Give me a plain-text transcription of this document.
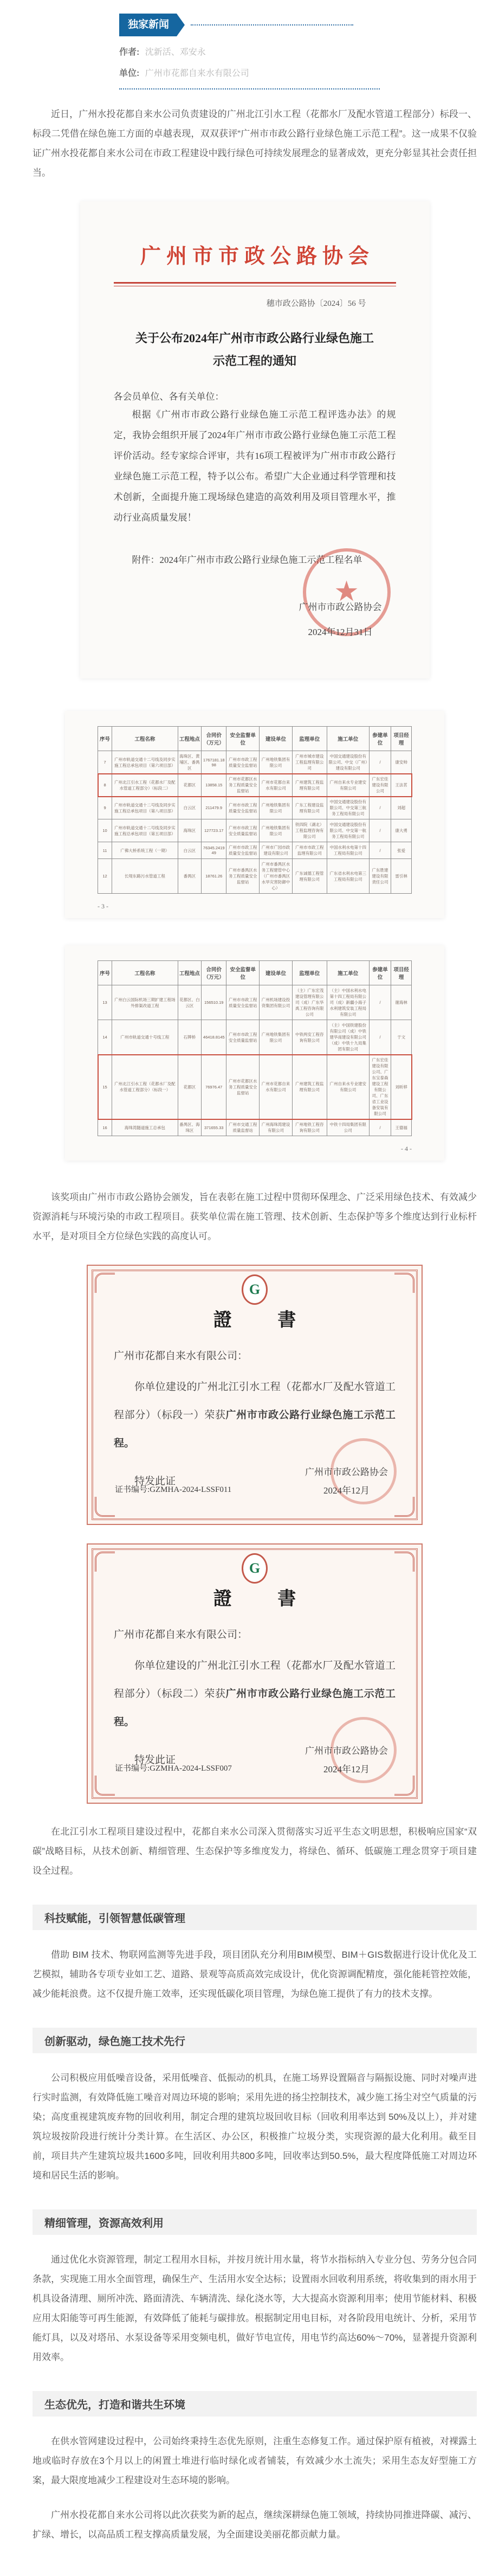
独家新闻
作者: 沈新活、邓安永
单位: 广州市花都自来水有限公司

近日，广州水投花都自来水公司负责建设的广州北江引水工程（花都水厂及配水管道工程部分）标段一、标段二凭借在绿色施工方面的卓越表现，双双获评“广州市市政公路行业绿色施工示范工程”。这一成果不仅验证广州水投花都自来水公司在市政工程建设中践行绿色可持续发展理念的显著成效，更充分彰显其社会责任担当。

广州市市政公路协会
穗市政公路协〔2024〕56 号
关于公布2024年广州市市政公路行业绿色施工示范工程的通知
各会员单位、各有关单位：

根据《广州市市政公路行业绿色施工示范工程评选办法》的规定，我协会组织开展了2024年广州市市政公路行业绿色施工示范工程评价活动。经专家综合评审，共有16项工程被评为广州市市政公路行业绿色施工示范工程，特予以公布。希望广大企业通过科学管理和技术创新，全面提升施工现场绿色建造的高效利用及项目管理水平，推动行业高质量发展！

附件：2024年广州市市政公路行业绿色施工示范工程名单
★
广州市市政公路协会
2024年12月31日
序号	工程名称	工程地点	合同价（万元）	安全监督单位	建设单位	监理单位	施工单位	参建单位	项目经理
7	广州市轨道交通十二号线及同步实施工程总承包项目（第六项目部）	海珠区、黄埔区、番禺区	1767181.1898	广州市市政工程质量安全监督站	广州地铁集团有限公司	广州市城市建设工程监理有限公司	中国交通建设股份有限公司、中交（广州）建设有限公司	/	康安帅
8	广州北江引水工程（花都水厂及配水管道工程部分）（标段二）	花都区	13858.15	广州市花都区水务工程质量安全监督站	广州市花都自来水有限公司	广州建筑工程监理有限公司	广州自来水专业建安有限公司	广东宏佳建设有限公司	王法茗
9	广州市轨道交通十二号线及同步实施工程总承包项目（第八项目部）	白云区	211479.9	广州市市政工程质量安全监督站	广州地铁集团有限公司	广东工程建设监理有限公司	中国交通建设股份有限公司、中交第三航务工程局有限公司	/	刘超
10	广州市轨道交通十二号线及同步实施工程总承包项目（第五项目部）	海珠区	127723.17	广州市市政工程安全质量监督站	广州地铁集团有限公司	铁四院（湖北）工程监理咨询有限公司	中国交通建设股份有限公司、中交第一航务工程局有限公司	/	康大勇
11	广佛大桥系统工程（一期）	白云区	76345.241949	广州市市政工程质量安全监督站	广州市广园市政建设有限公司	广州市市政工程监理有限公司	中国水利水电第十四工程局有限公司	/	张爱
12	长堤东路污水管道工程	番禺区	18761.26	广州市番禺区水务工程质量安全监督站	广州市番禺区水务工程建管中心（广州市番禺区水旱灾害防御中心）	广东诚德工程管理有限公司	广东省水利水电第三工程局有限公司	广东胜建建设有限责任公司	雷引林
- 3 -
序号	工程名称	工程地点	合同价（万元）	安全监督单位	建设单位	监理单位	施工单位	参建单位	项目经理
13	广州白云国际机场三期扩建工程场外排渠改道工程	花都区、白云区	156510.19	广州市市政工程质量安全监督站	广州机场建设投资集团有限公司	（主）广东宏茂建设管理有限公司（成）广东华禹工程咨询有限公司	（主）中国水利水电第十四工程局有限公司（成）新疆小海子水利建筑安装工程局有限公司	/	谢海林
14	广州市轨道交通十号线工程	石牌桥	46418.8145	广州市市政工程安全质量监督站	广州地铁集团有限公司	中铁两安工程咨询有限公司	（主）中国铁建股份有限公司（成）中铁建华南建设有限公司（成）中铁十九局集团有限公司	/	于文
15	广州北江引水工程（花都水厂及配水管道工程部分）（标段一）	花都区	76976.47	广州市花都区水务工程质量安全监督站	广州市花都自来水有限公司	广州建筑工程监理有限公司	广州自来水专业建安有限公司	广东宏佳建设有限公司、广东宝泰森建设工程有限公司、广东省工业设备安装有限公司	刘昕移
16	海珠湾隧道施工总承包	番禺区、海珠区	371655.33	广州市交通工程质量监督站	广州海珠湾建设有限公司	广州地铁工程咨询有限公司	中铁十四局集团有限公司	/	王德福
- 4 -

该奖项由广州市市政公路协会颁发，旨在表彰在施工过程中贯彻环保理念、广泛采用绿色技术、有效减少资源消耗与环境污染的市政工程项目。获奖单位需在施工管理、技术创新、生态保护等多个维度达到行业标杆水平，是对项目全方位绿色实践的高度认可。

G
證 書
广州市花都自来水有限公司：

你单位建设的广州北江引水工程（花都水厂及配水管道工程部分）（标段一）荣获广州市市政公路行业绿色施工示范工程。

特发此证
证书编号:GZMHA-2024-LSSF011
广州市市政公路协会
2024年12月
G
證 書
广州市花都自来水有限公司：

你单位建设的广州北江引水工程（花都水厂及配水管道工程部分）（标段二）荣获广州市市政公路行业绿色施工示范工程。

特发此证
证书编号:GZMHA-2024-LSSF007
广州市市政公路协会
2024年12月

在北江引水工程项目建设过程中，花都自来水公司深入贯彻落实习近平生态文明思想，积极响应国家“双碳”战略目标，从技术创新、精细管理、生态保护等多维度发力，将绿色、循环、低碳施工理念贯穿于项目建设全过程。

科技赋能，引领智慧低碳管理

借助 BIM 技术、物联网监测等先进手段，项目团队充分利用BIM模型、BIM＋GIS数据进行设计优化及工艺模拟，辅助各专项专业如工艺、道路、景观等高质高效完成设计，优化资源调配精度，强化能耗管控效能，减少能耗浪费。这不仅提升施工效率，还实现低碳化项目管理，为绿色施工提供了有力的技术支撑。

创新驱动，绿色施工技术先行

公司积极应用低噪音设备，采用低噪音、低振动的机具，在施工场界设置隔音与隔振设施、同时对噪声进行实时监测，有效降低施工噪音对周边环境的影响；采用先进的扬尘控制技术，减少施工扬尘对空气质量的污染；高度重视建筑废弃物的回收利用，制定合理的建筑垃圾回收目标（回收利用率达到 50%及以上），并对建筑垃圾按阶段进行统计分类计算。在生活区、办公区，积极推广垃圾分类，实现资源的最大化利用。截至目前，项目共产生建筑垃圾共1600多吨，回收利用共800多吨，回收率达到50.5%，最大程度降低施工对周边环境和居民生活的影响。

精细管理，资源高效利用

通过优化水资源管理，制定工程用水目标，并按月统计用水量，将节水指标纳入专业分包、劳务分包合同条款，实现施工用水全面管理，确保生产、生活用水安全达标；设置雨水回收利用系统，将收集到的雨水用于机具设备清理、厕所冲洗、路面清洗、车辆清洗、绿化浇水等，大大提高水资源利用率；使用节能材料、积极应用太阳能等可再生能源，有效降低了能耗与碳排放。根据制定用电目标，对各阶段用电统计、分析，采用节能灯具，以及对塔吊、水泵设备等采用变频电机，做好节电宣传，用电节约高达60%～70%，显著提升资源利用效率。

生态优先，打造和谐共生环境

在供水管网建设过程中，公司始终秉持生态优先原则，注重生态修复工作。通过保护原有植被，对裸露土地或临时存放在3个月以上的闲置土堆进行临时绿化或者铺装，有效减少水土流失；采用生态友好型施工方案，最大限度地减少工程建设对生态环境的影响。

广州水投花都自来水公司将以此次获奖为新的起点，继续深耕绿色施工领域，持续协同推进降碳、减污、扩绿、增长，以高品质工程支撑高质量发展，为全面建设美丽花都贡献力量。
